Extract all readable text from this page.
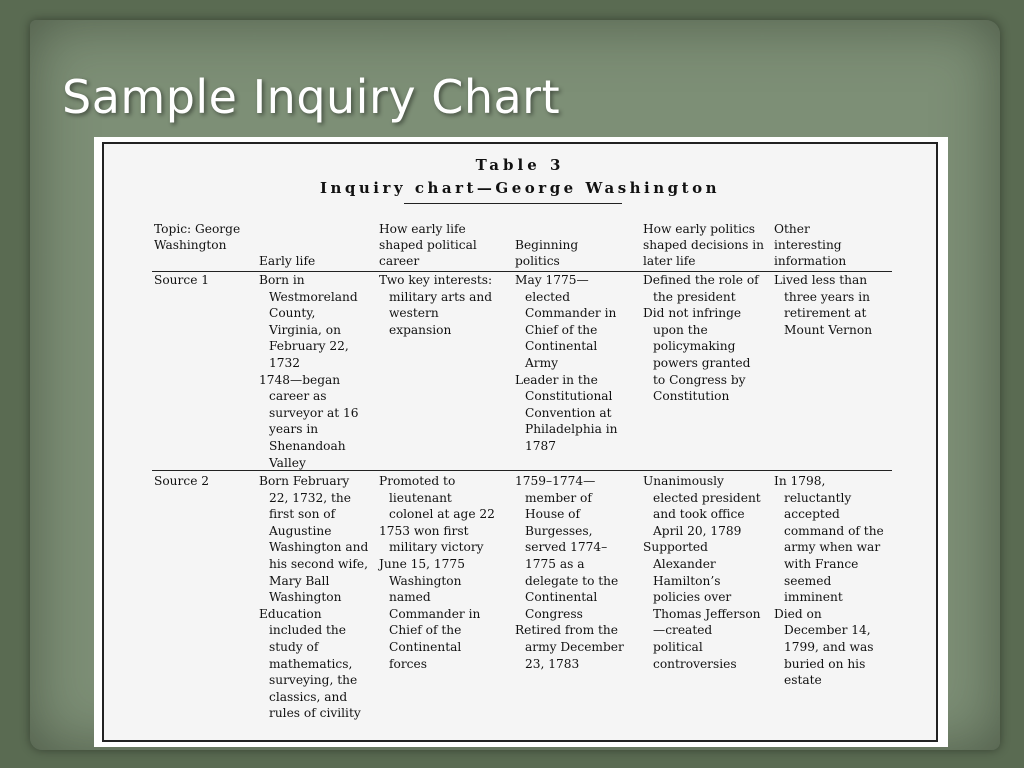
Sample Inquiry Chart
Table 3
Inquiry chart—George Washington
Topic: George Washington
Early life
How early life shaped political career
Beginning politics
How early politics shaped decisions in later life
Other interesting information
Source 1	Born in Westmoreland County, Virginia, on February 22, 1732

1748—began career as surveyor at 16 years in Shenandoah Valley

Two key interests: military arts and western expansion

May 1775—elected Commander in Chief of the Continental Army

Leader in the Constitutional Convention at Philadelphia in 1787

Defined the role of the president

Did not infringe upon the policymaking powers granted to Congress by Constitution

Lived less than three years in retirement at Mount Vernon

Source 2	Born February 22, 1732, the first son of Augustine Washington and his second wife, Mary Ball Washington

Education included the study of mathematics, surveying, the classics, and rules of civility

Promoted to lieutenant colonel at age 22

1753 won first military victory

June 15, 1775 Washington named Commander in Chief of the Continental forces

1759–1774—member of House of Burgesses, served 1774–1775 as a delegate to the Continental Congress

Retired from the army December 23, 1783

Unanimously elected president and took office April 20, 1789

Supported Alexander Hamilton’s policies over Thomas Jefferson—created political controversies

In 1798, reluctantly accepted command of the army when war with France seemed imminent

Died on December 14, 1799, and was buried on his estate
